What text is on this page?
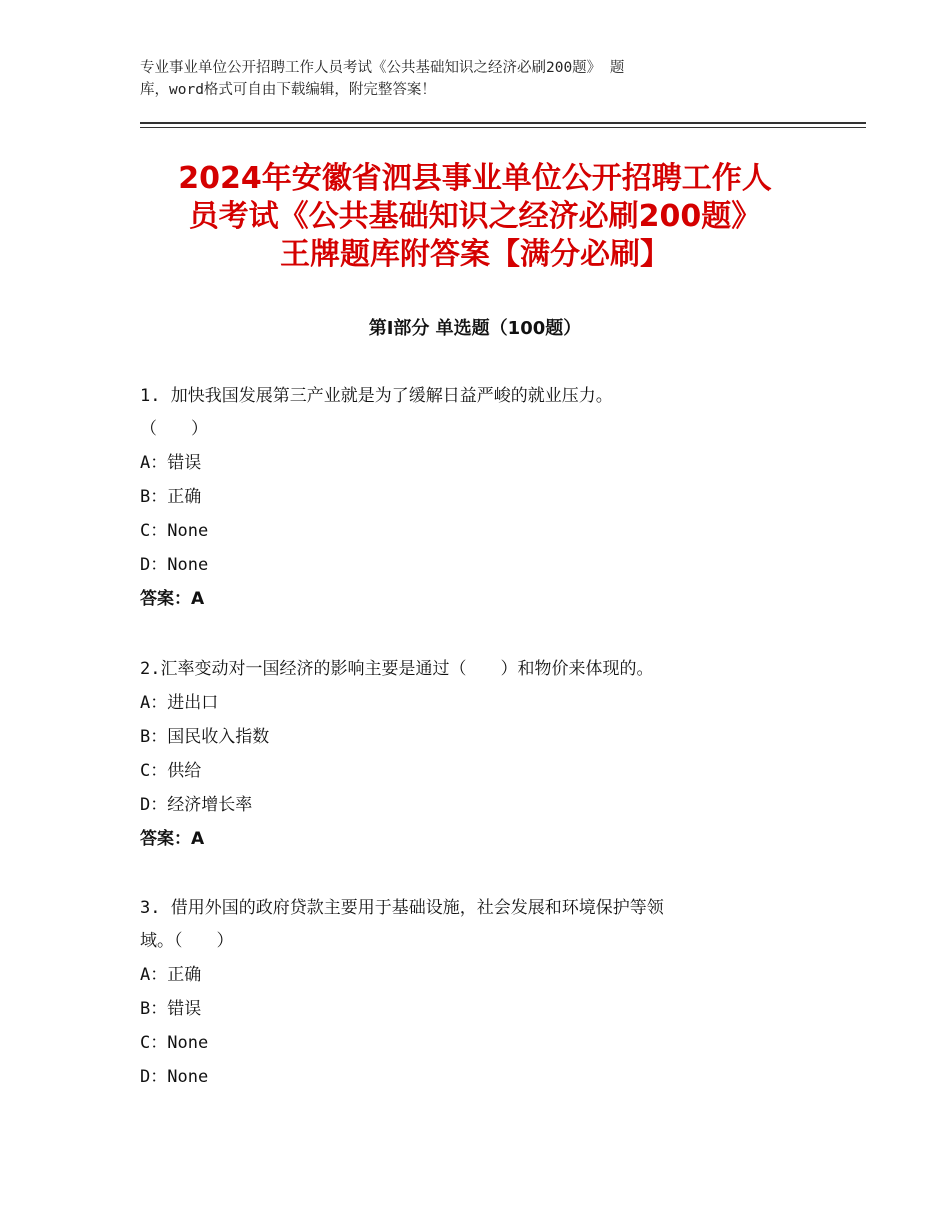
专业事业单位公开招聘工作人员考试《公共基础知识之经济必刷200题》 题
库，word格式可自由下载编辑，附完整答案！
2024年安徽省泗县事业单位公开招聘工作人
员考试《公共基础知识之经济必刷200题》
王牌题库附答案【满分必刷】
第Ⅰ部分 单选题（100题）
1. 加快我国发展第三产业就是为了缓解日益严峻的就业压力。
（　　）
A：错误
B：正确
C：None
D：None
答案：A
2.汇率变动对一国经济的影响主要是通过（　　）和物价来体现的。
A：进出口
B：国民收入指数
C：供给
D：经济增长率
答案：A
3. 借用外国的政府贷款主要用于基础设施，社会发展和环境保护等领
域。（　　）
A：正确
B：错误
C：None
D：None
